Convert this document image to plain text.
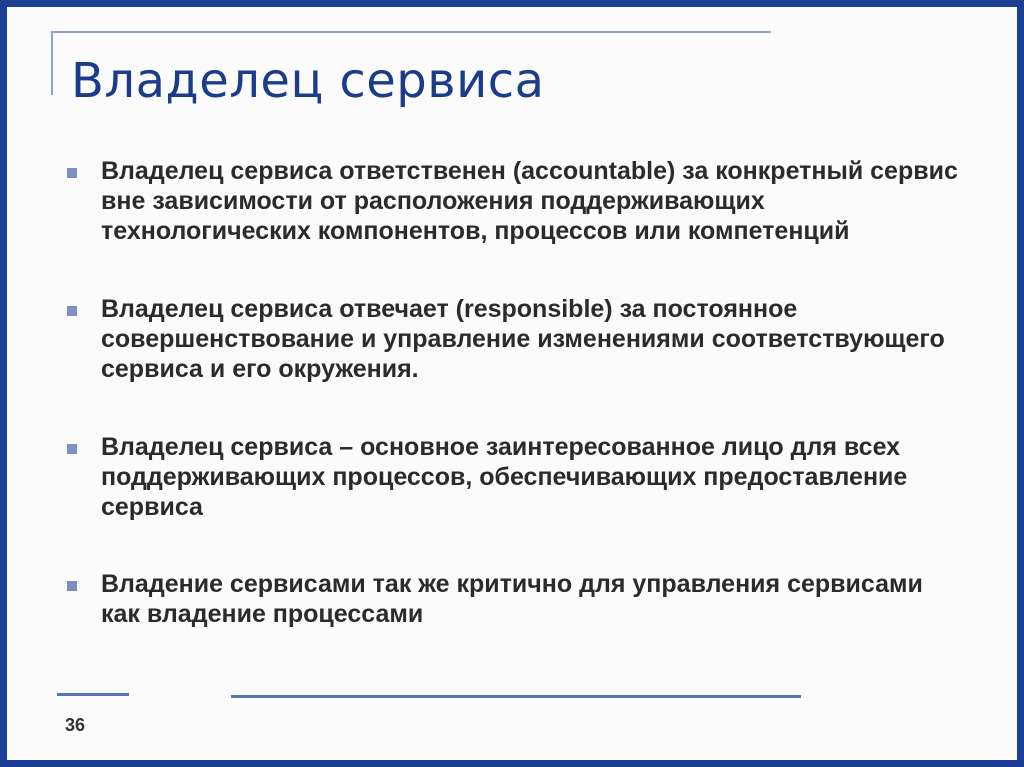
Владелец сервиса
Владелец сервиса ответственен (accountable) за конкретный сервис вне зависимости от расположения поддерживающих технологических компонентов, процессов или компетенций
Владелец сервиса отвечает (responsible) за постоянное совершенствование и управление изменениями соответствующего сервиса и его окружения.
Владелец сервиса – основное заинтересованное лицо для всех поддерживающих процессов, обеспечивающих предоставление сервиса
Владение сервисами так же критично для управления сервисами как владение процессами
36
